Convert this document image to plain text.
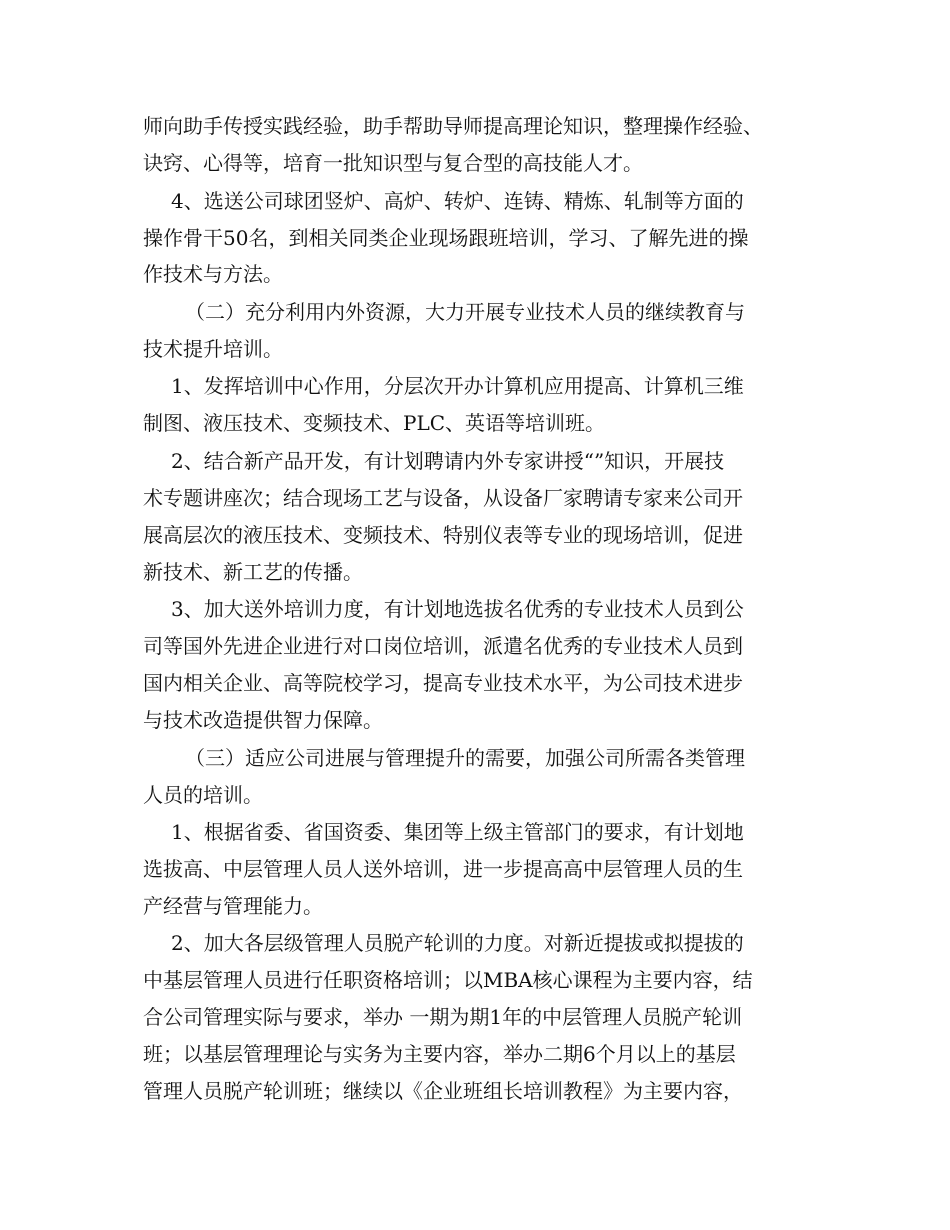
师向助手传授实践经验，助手帮助导师提高理论知识，整理操作经验、
诀窍、心得等，培育一批知识型与复合型的高技能人才。
4、选送公司球团竖炉、高炉、转炉、连铸、精炼、轧制等方面的
操作骨干50名，到相关同类企业现场跟班培训，学习、了解先进的操
作技术与方法。
（二）充分利用内外资源，大力开展专业技术人员的继续教育与
技术提升培训。
1、发挥培训中心作用，分层次开办计算机应用提高、计算机三维
制图、液压技术、变频技术、PLC、英语等培训班。
2、结合新产品开发，有计划聘请内外专家讲授“”知识，开展技
术专题讲座次；结合现场工艺与设备，从设备厂家聘请专家来公司开
展高层次的液压技术、变频技术、特别仪表等专业的现场培训，促进
新技术、新工艺的传播。
3、加大送外培训力度，有计划地选拔名优秀的专业技术人员到公
司等国外先进企业进行对口岗位培训，派遣名优秀的专业技术人员到
国内相关企业、高等院校学习，提高专业技术水平，为公司技术进步
与技术改造提供智力保障。
（三）适应公司进展与管理提升的需要，加强公司所需各类管理
人员的培训。
1、根据省委、省国资委、集团等上级主管部门的要求，有计划地
选拔高、中层管理人员人送外培训，进一步提高高中层管理人员的生
产经营与管理能力。
2、加大各层级管理人员脱产轮训的力度。对新近提拔或拟提拔的
中基层管理人员进行任职资格培训；以MBA核心课程为主要内容，结
合公司管理实际与要求，举办 一期为期1年的中层管理人员脱产轮训
班；以基层管理理论与实务为主要内容，举办二期6个月以上的基层
管理人员脱产轮训班；继续以《企业班组长培训教程》为主要内容，
